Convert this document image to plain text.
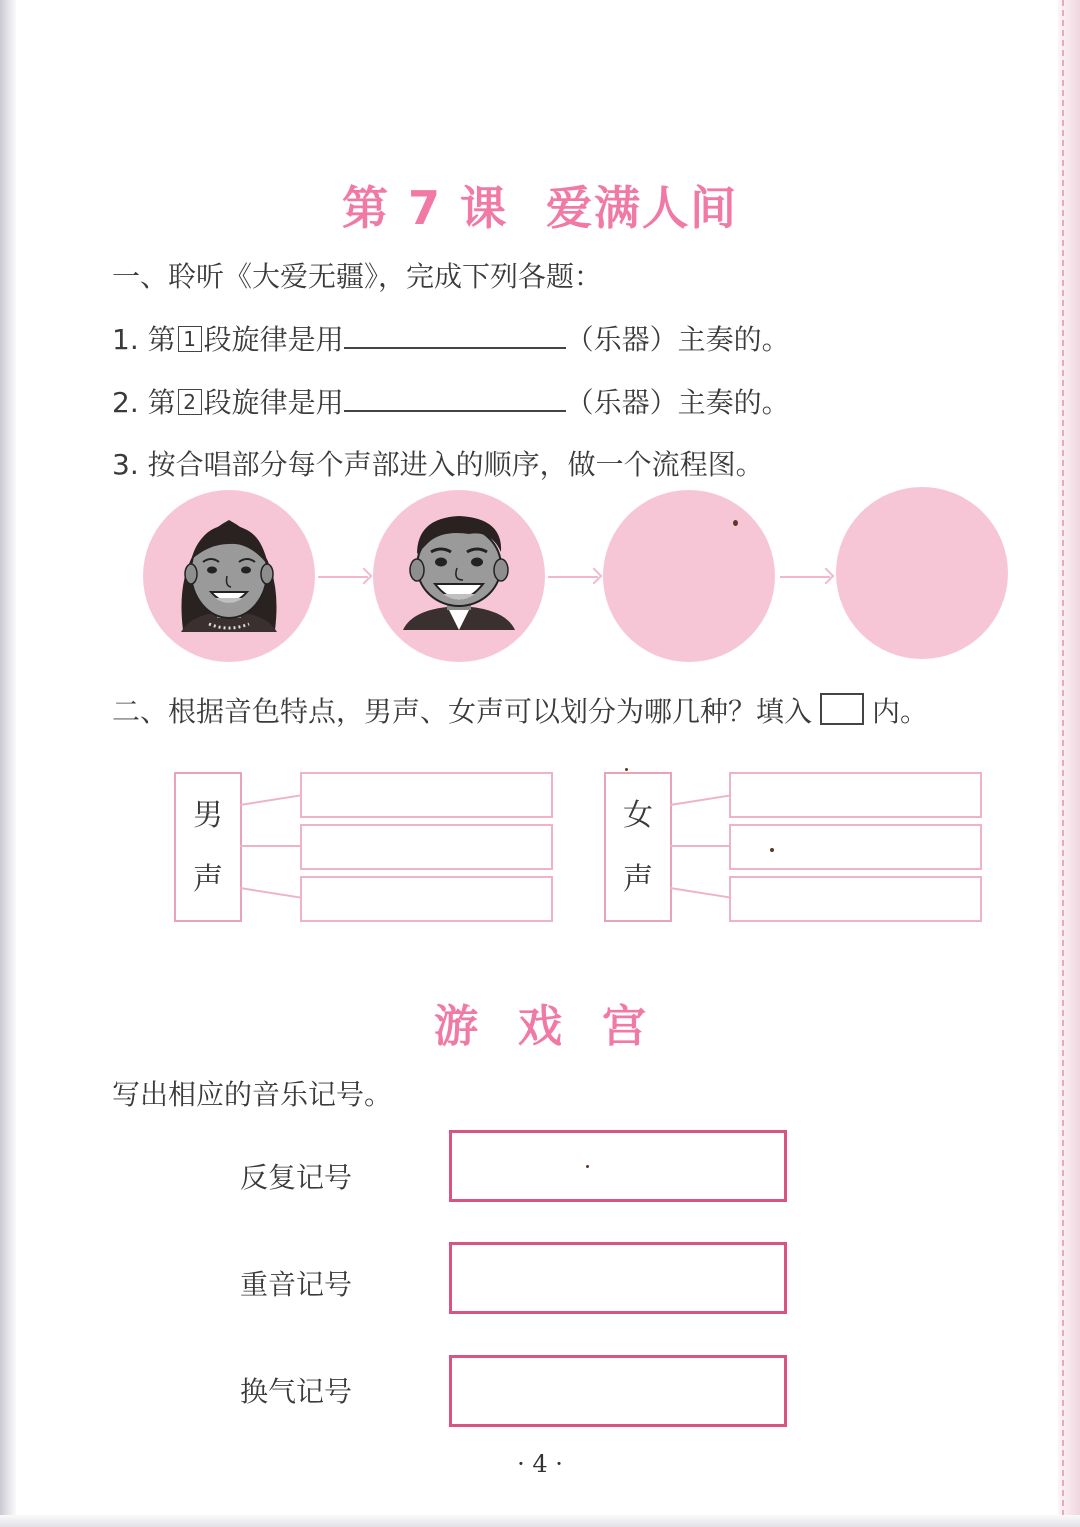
第 7 课 爱满人间
一、聆听《大爱无疆》，完成下列各题：
1. 第 1 段旋律是用	（乐器）主奏的。
2. 第 2 段旋律是用	（乐器）主奏的。
3. 按合唱部分每个声部进入的顺序，做一个流程图。
二、根据音色特点，男声、女声可以划分为哪几种？填入 内。
男
声
女
声
游戏宫
写出相应的音乐记号。
反复记号
重音记号
换气记号
· 4 ·
